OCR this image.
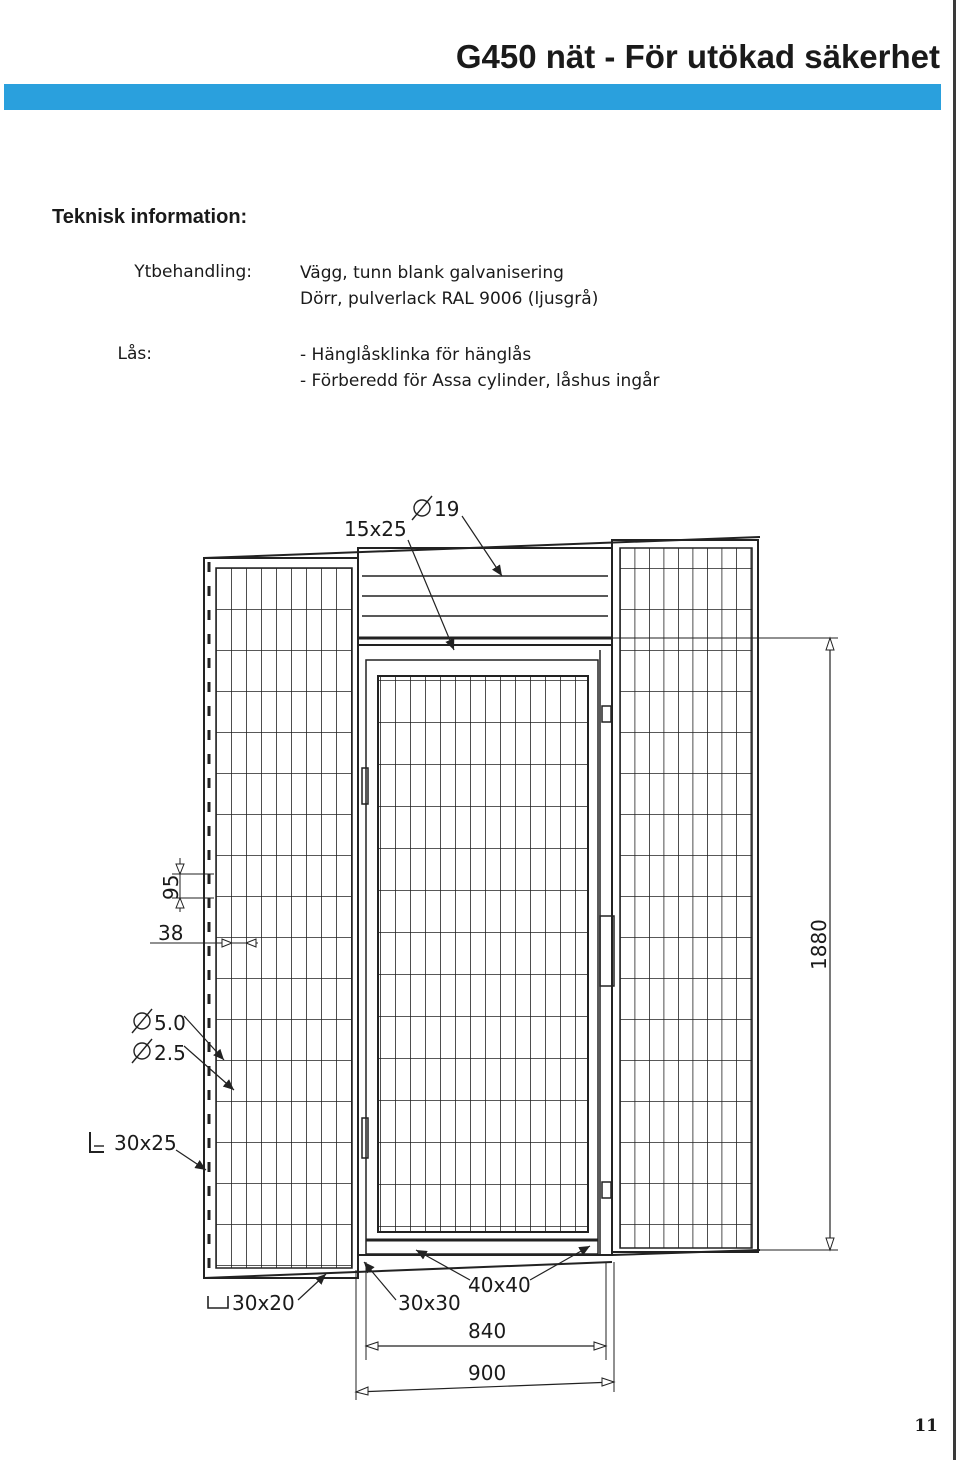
G450 nät - För utökad säkerhet
Teknisk information:
Ytbehandling:	Vägg, tunn blank galvanisering
Dörr, pulverlack RAL 9006 (ljusgrå)
Lås:	- Hänglåsklinka för hänglås
- Förberedd för Assa cylinder, låshus ingår
1880
840
900
95
38
5.0
2.5
19
15x25
30x25
30x20	30x30
40x40
11
